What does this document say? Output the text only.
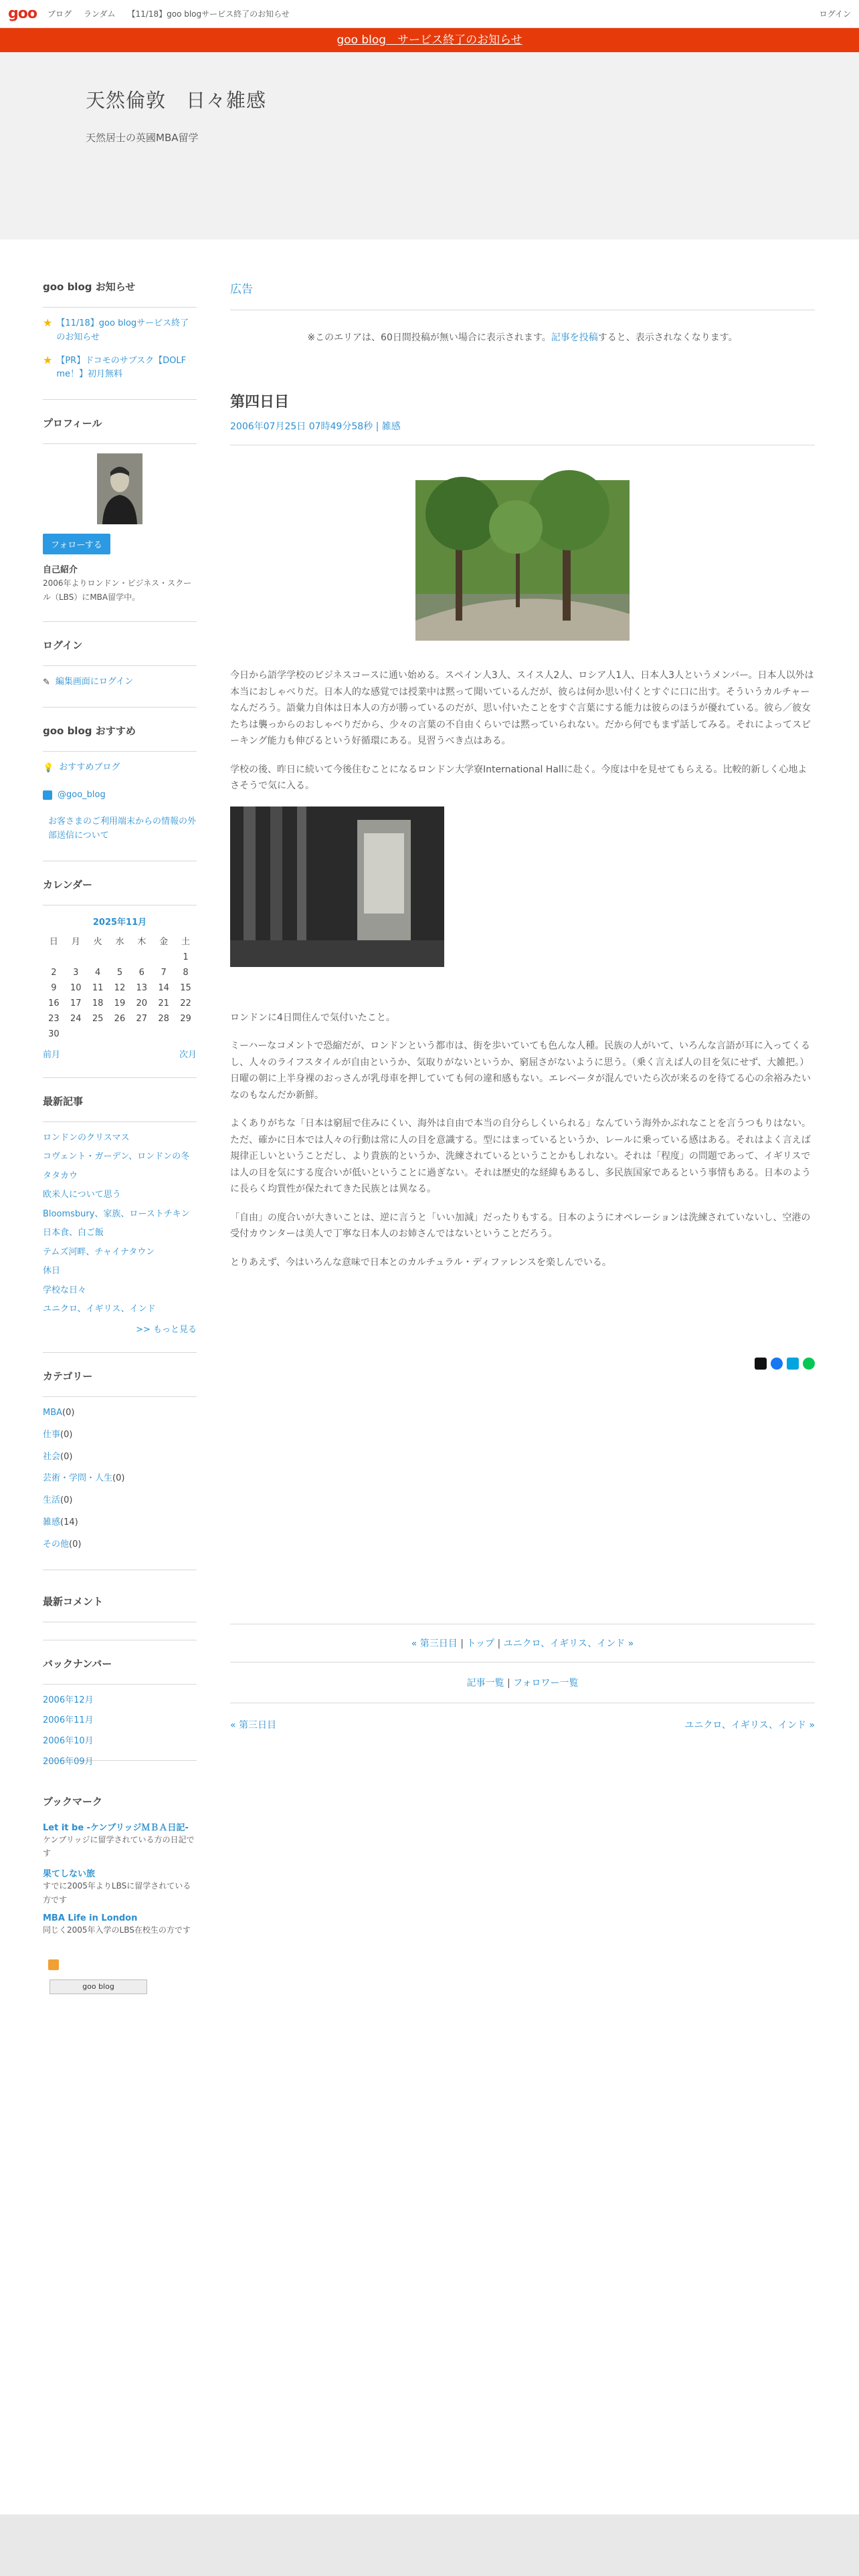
goo ブログ ランダム 【11/18】goo blogサービス終了のお知らせ	ログイン
goo blog　サービス終了のお知らせ
天然倫敦　日々雑感

天然居士の英國MBA留学

goo blog お知らせ
★ 【11/18】goo blogサービス終了のお知らせ
★ 【PR】ドコモのサブスク【DOLF me！】初月無料
プロフィール
フォローする
自己紹介
2006年よりロンドン・ビジネス・スクール（LBS）にMBA留学中。
ログイン
✎ 編集画面にログイン
goo blog おすすめ
💡 おすすめブログ
@goo_blog
お客さまのご利用端末からの情報の外部送信について
カレンダー
2025年11月
日	月	火	水	木	金	土
						1
2	3	4	5	6	7	8
9	10	11	12	13	14	15
16	17	18	19	20	21	22
23	24	25	26	27	28	29
30						
前月	次月
最新記事
ロンドンのクリスマス
コヴェント・ガーデン、ロンドンの冬
タタカウ
欧米人について思う
Bloomsbury、家族、ローストチキン
日本食、白ご飯
テムズ河畔、チャイナタウン
休日
学校な日々
ユニクロ、イギリス、インド
>> もっと見る
カテゴリー
MBA(0)
仕事(0)
社会(0)
芸術・学問・人生(0)
生活(0)
雑感(14)
その他(0)
最新コメント
バックナンバー
2006年12月
2006年11月
2006年10月
2006年09月
ブックマーク
Let it be -ケンブリッジＭＢＡ日記-
ケンブリッジに留学されている方の日記です
果てしない旅
すでに2005年よりLBSに留学されている方です
MBA Life in London
同じく2005年入学のLBS在校生の方です
goo blog
広告
※このエリアは、60日間投稿が無い場合に表示されます。記事を投稿すると、表示されなくなります。
第四日目
2006年07月25日 07時49分58秒 | 雑感

今日から語学学校のビジネスコースに通い始める。スペイン人3人、スイス人2人、ロシア人1人、日本人3人というメンバー。日本人以外は本当におしゃべりだ。日本人的な感覚では授業中は黙って聞いているんだが、彼らは何か思い付くとすぐに口に出す。そういうカルチャーなんだろう。語彙力自体は日本人の方が勝っているのだが、思い付いたことをすぐ言葉にする能力は彼らのほうが優れている。彼ら／彼女たちは襲っからのおしゃべりだから、少々の言葉の不自由くらいでは黙っていられない。だから何でもまず話してみる。それによってスピーキング能力も伸びるという好循環にある。見習うべき点はある。

学校の後、昨日に続いて今後住むことになるロンドン大学寮International Hallに赴く。今度は中を見せてもらえる。比較的新しく心地よさそうで気に入る。

ロンドンに4日間住んで気付いたこと。

ミーハーなコメントで恐縮だが、ロンドンという都市は、街を歩いていても色んな人種。民族の人がいて、いろんな言語が耳に入ってくるし、人々のライフスタイルが自由というか、気取りがないというか、窮屈さがないように思う。（乗く言えば人の目を気にせず、大雑把。）日曜の朝に上半身裸のおっさんが乳母車を押していても何の違和感もない。エレベータが混んでいたら次が来るのを待てる心の余裕みたいなのもなんだか新鮮。

よくありがちな「日本は窮屈で住みにくい、海外は自由で本当の自分らしくいられる」なんていう海外かぶれなことを言うつもりはない。ただ、確かに日本では人々の行動は常に人の目を意識する。型にはまっているというか、レールに乗っている感はある。それはよく言えば規律正しいということだし、より貴族的というか、洗練されているということかもしれない。それは「程度」の問題であって、イギリスでは人の目を気にする度合いが低いということに過ぎない。それは歴史的な経緯もあるし、多民族国家であるという事情もある。日本のように長らく均質性が保たれてきた民族とは異なる。

「自由」の度合いが大きいことは、逆に言うと「いい加減」だったりもする。日本のようにオペレーションは洗練されていないし、空港の受付カウンターは美人で丁寧な日本人のお姉さんではないということだろう。

とりあえず、今はいろんな意味で日本とのカルチュラル・ディファレンスを楽しんでいる。

« 第三日目 | トップ | ユニクロ、イギリス、インド »
記事一覧 | フォロワー一覧
« 第三日目	ユニクロ、イギリス、インド »
